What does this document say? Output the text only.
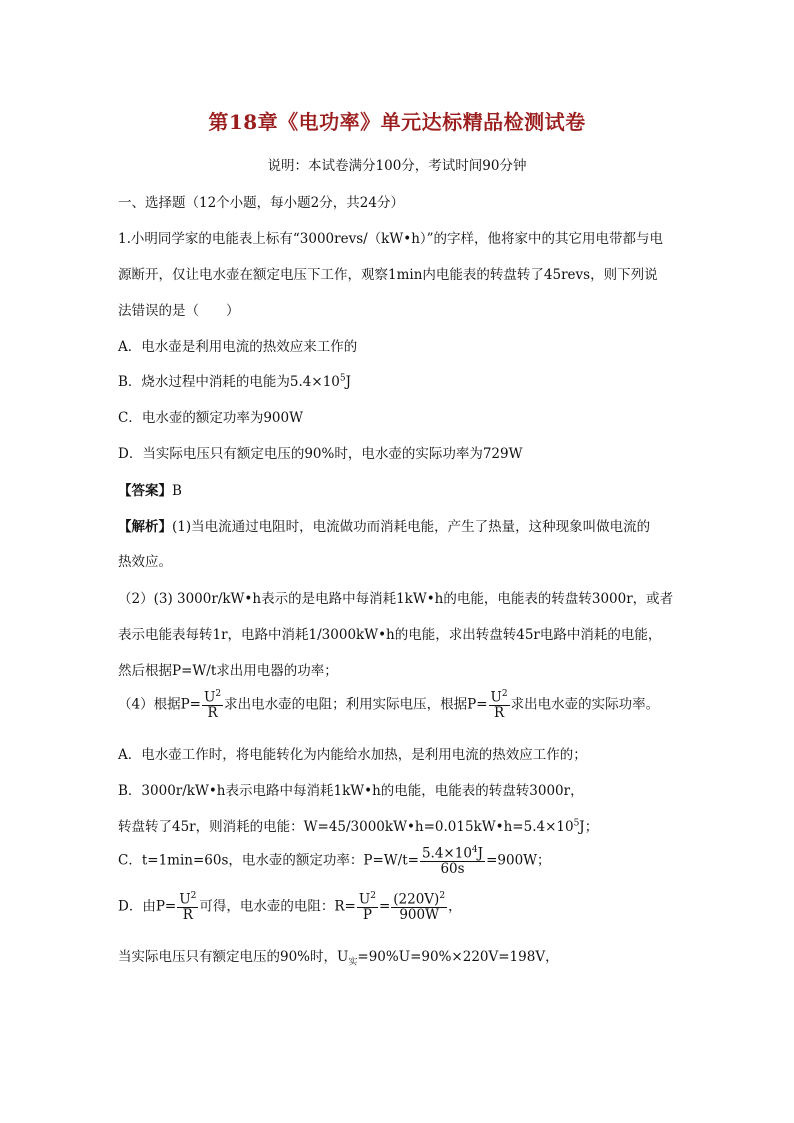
第18章《电功率》单元达标精品检测试卷
说明：本试卷满分100分，考试时间90分钟
一、选择题（12个小题，每小题2分，共24分）
1.小明同学家的电能表上标有“3000revs/（kW•h）”的字样，他将家中的其它用电带都与电
源断开，仅让电水壶在额定电压下工作，观察1min内电能表的转盘转了45revs，则下列说
法错误的是（　　）
A．电水壶是利用电流的热效应来工作的
B．烧水过程中消耗的电能为$5.4\times 10^5J$
C．电水壶的额定功率为900W
D．当实际电压只有额定电压的90%时，电水壶的实际功率为729W
【答案】B
【解析】(1)当电流通过电阻时，电流做功而消耗电能，产生了热量，这种现象叫做电流的
热效应。
（2）(3) 3000r/kW•h表示的是电路中每消耗1kW•h的电能，电能表的转盘转3000r，或者
表示电能表每转1r，电路中消耗1/3000kW•h的电能，求出转盘转45r电路中消耗的电能，
然后根据P=W/t求出用电器的功率；
（4）根据$P= \frac{U^2}{R}$ 求出电水壶的电阻；利用实际电压，根据$P= \frac{U^2}{R}$ 求出电水壶的实际功率。
A．电水壶工作时，将电能转化为内能给水加热，是利用电流的热效应工作的；
B．3000r/kW•h表示电路中每消耗1kW•h的电能，电能表的转盘转3000r，
转盘转了45r，则消耗的电能：$W=45/3000kW•h=0.015kW•h=5.4\times 10^5J$；
C．t=1min=60s，电水壶的额定功率：$P=W/t= \frac{5.4\times 10^4J}{60s} =900W$；
D．由$P= \frac{U^2}{R}$ 可得，电水壶的电阻：$R= \frac{U^2}{P} = \frac{(220V)^2}{900W}$ ，
当实际电压只有额定电压的90%时，$U_实=90\%U=90\%\times 220V=198V$，
